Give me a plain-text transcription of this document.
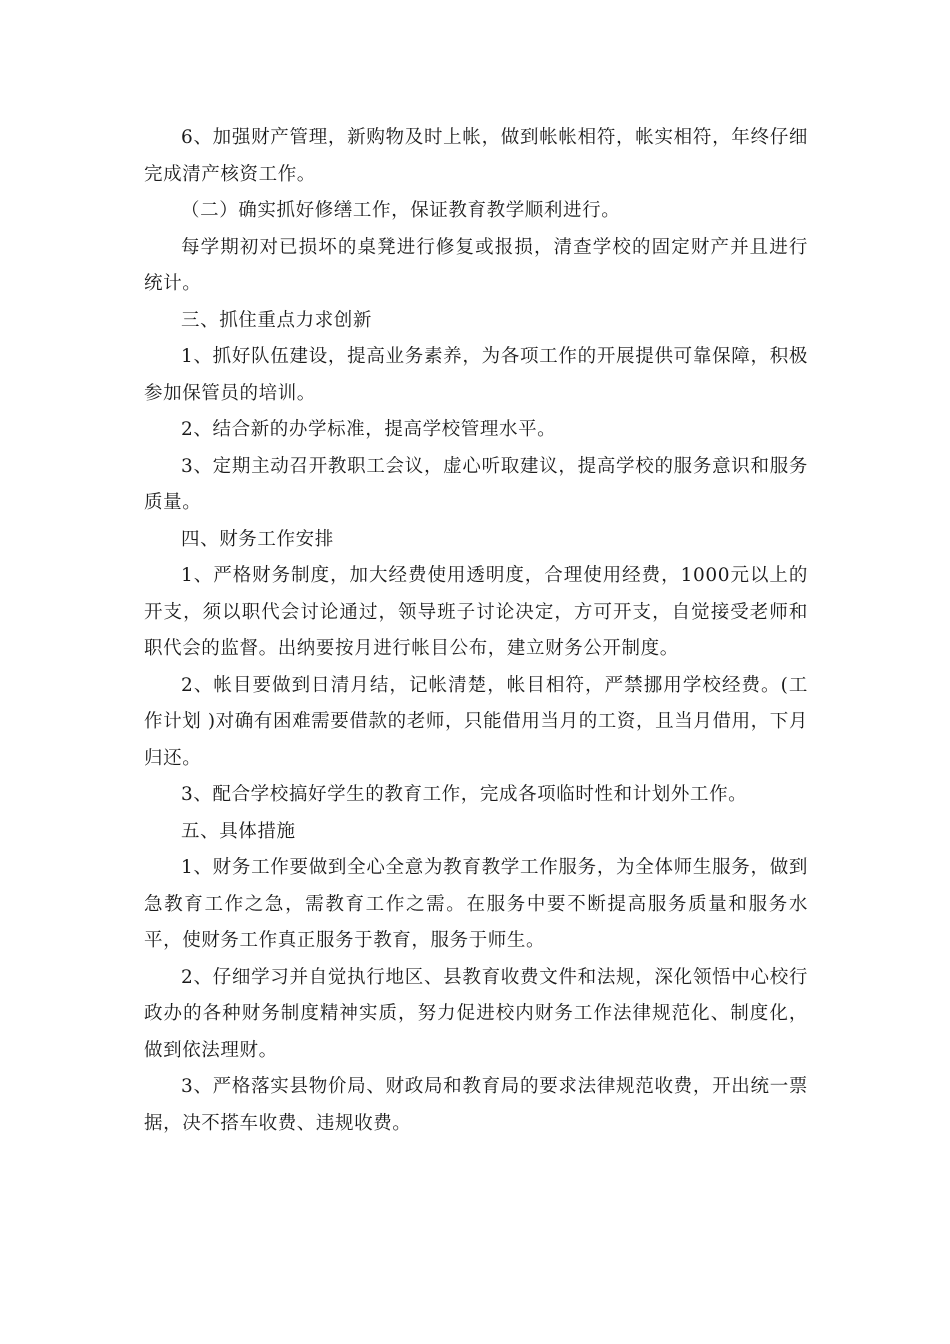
6、加强财产管理，新购物及时上帐，做到帐帐相符，帐实相符，年终仔细完成清产核资工作。

（二）确实抓好修缮工作，保证教育教学顺利进行。

每学期初对已损坏的桌凳进行修复或报损，清查学校的固定财产并且进行统计。

三、抓住重点力求创新

1、抓好队伍建设，提高业务素养，为各项工作的开展提供可靠保障，积极参加保管员的培训。

2、结合新的办学标准，提高学校管理水平。

3、定期主动召开教职工会议，虚心听取建议，提高学校的服务意识和服务质量。

四、财务工作安排

1、严格财务制度，加大经费使用透明度，合理使用经费，1000元以上的开支，须以职代会讨论通过，领导班子讨论决定，方可开支，自觉接受老师和职代会的监督。出纳要按月进行帐目公布，建立财务公开制度。

2、帐目要做到日清月结，记帐清楚，帐目相符，严禁挪用学校经费。(工作计划 )对确有困难需要借款的老师，只能借用当月的工资，且当月借用，下月归还。

3、配合学校搞好学生的教育工作，完成各项临时性和计划外工作。

五、具体措施

1、财务工作要做到全心全意为教育教学工作服务，为全体师生服务，做到急教育工作之急，需教育工作之需。在服务中要不断提高服务质量和服务水平，使财务工作真正服务于教育，服务于师生。

2、仔细学习并自觉执行地区、县教育收费文件和法规，深化领悟中心校行政办的各种财务制度精神实质，努力促进校内财务工作法律规范化、制度化，做到依法理财。

3、严格落实县物价局、财政局和教育局的要求法律规范收费，开出统一票据，决不搭车收费、违规收费。
